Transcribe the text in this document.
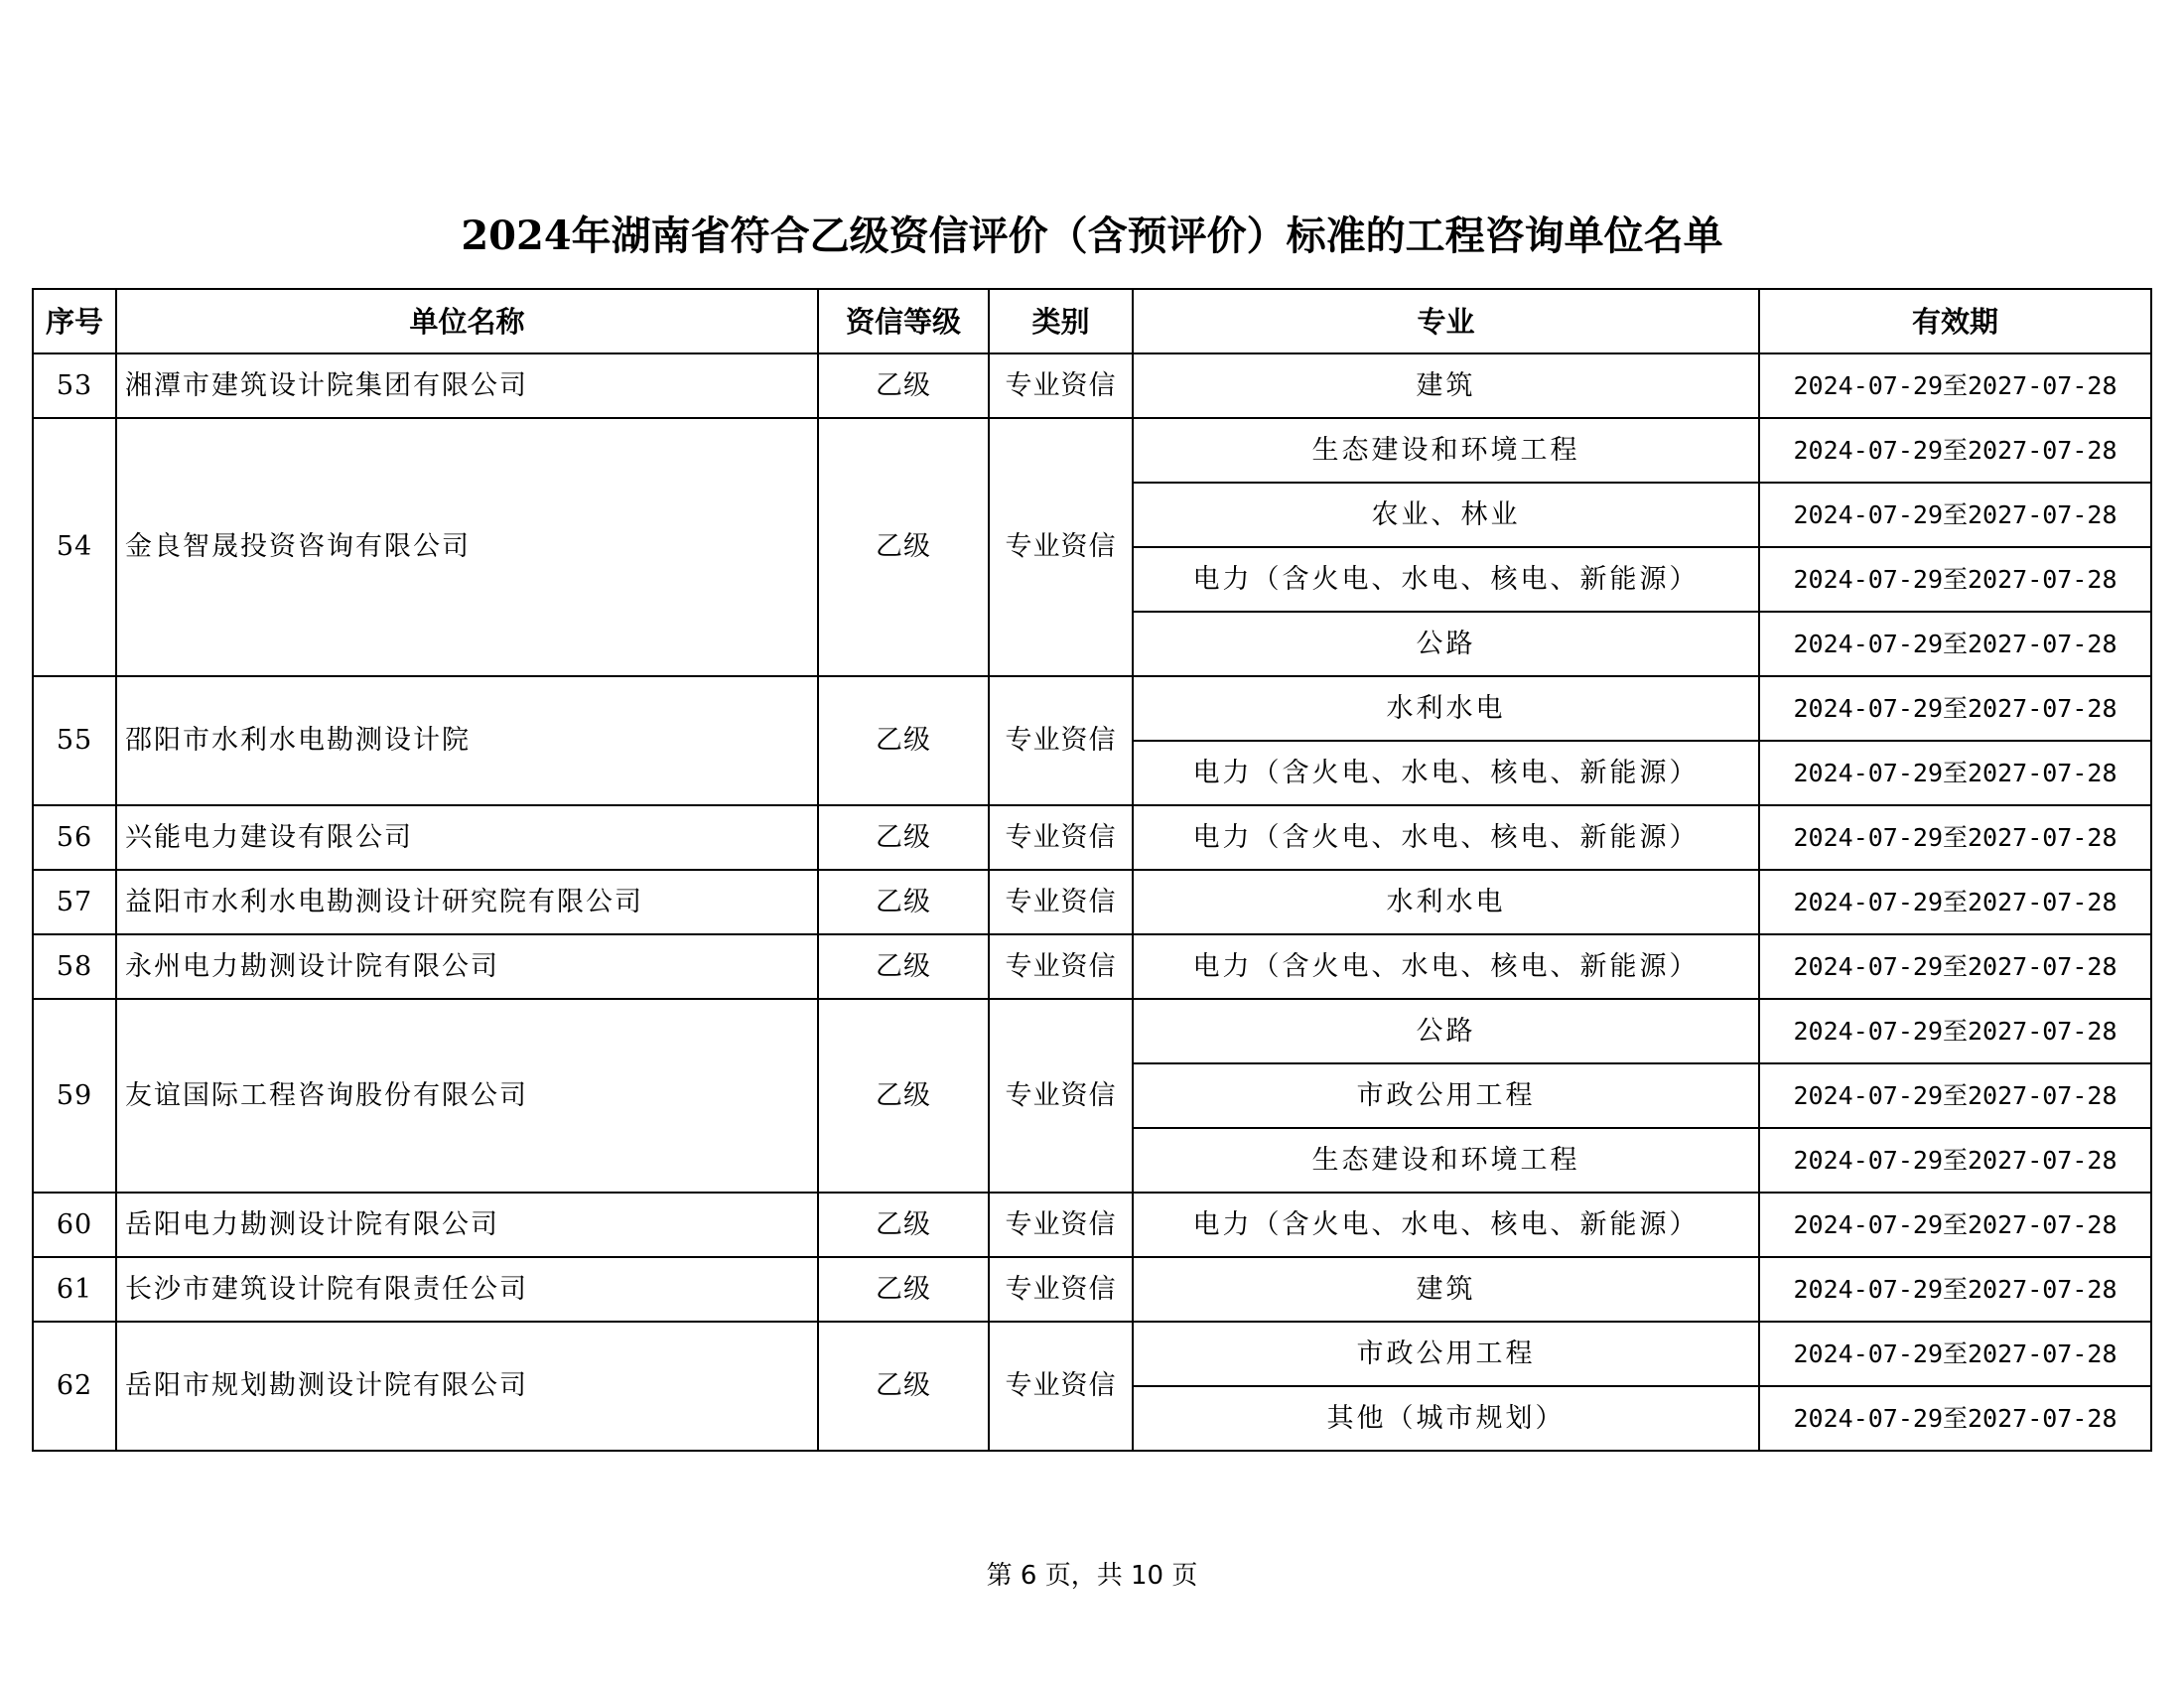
2024年湖南省符合乙级资信评价（含预评价）标准的工程咨询单位名单
序号	单位名称	资信等级	类别	专业	有效期
53	湘潭市建筑设计院集团有限公司	乙级	专业资信	建筑	2024-07-29至2027-07-28
54	金良智晟投资咨询有限公司	乙级	专业资信	生态建设和环境工程	2024-07-29至2027-07-28
				农业、林业	2024-07-29至2027-07-28
				电力（含火电、水电、核电、新能源）	2024-07-29至2027-07-28
				公路	2024-07-29至2027-07-28
55	邵阳市水利水电勘测设计院	乙级	专业资信	水利水电	2024-07-29至2027-07-28
				电力（含火电、水电、核电、新能源）	2024-07-29至2027-07-28
56	兴能电力建设有限公司	乙级	专业资信	电力（含火电、水电、核电、新能源）	2024-07-29至2027-07-28
57	益阳市水利水电勘测设计研究院有限公司	乙级	专业资信	水利水电	2024-07-29至2027-07-28
58	永州电力勘测设计院有限公司	乙级	专业资信	电力（含火电、水电、核电、新能源）	2024-07-29至2027-07-28
59	友谊国际工程咨询股份有限公司	乙级	专业资信	公路	2024-07-29至2027-07-28
				市政公用工程	2024-07-29至2027-07-28
				生态建设和环境工程	2024-07-29至2027-07-28
60	岳阳电力勘测设计院有限公司	乙级	专业资信	电力（含火电、水电、核电、新能源）	2024-07-29至2027-07-28
61	长沙市建筑设计院有限责任公司	乙级	专业资信	建筑	2024-07-29至2027-07-28
62	岳阳市规划勘测设计院有限公司	乙级	专业资信	市政公用工程	2024-07-29至2027-07-28
				其他（城市规划）	2024-07-29至2027-07-28
第 6 页，共 10 页
